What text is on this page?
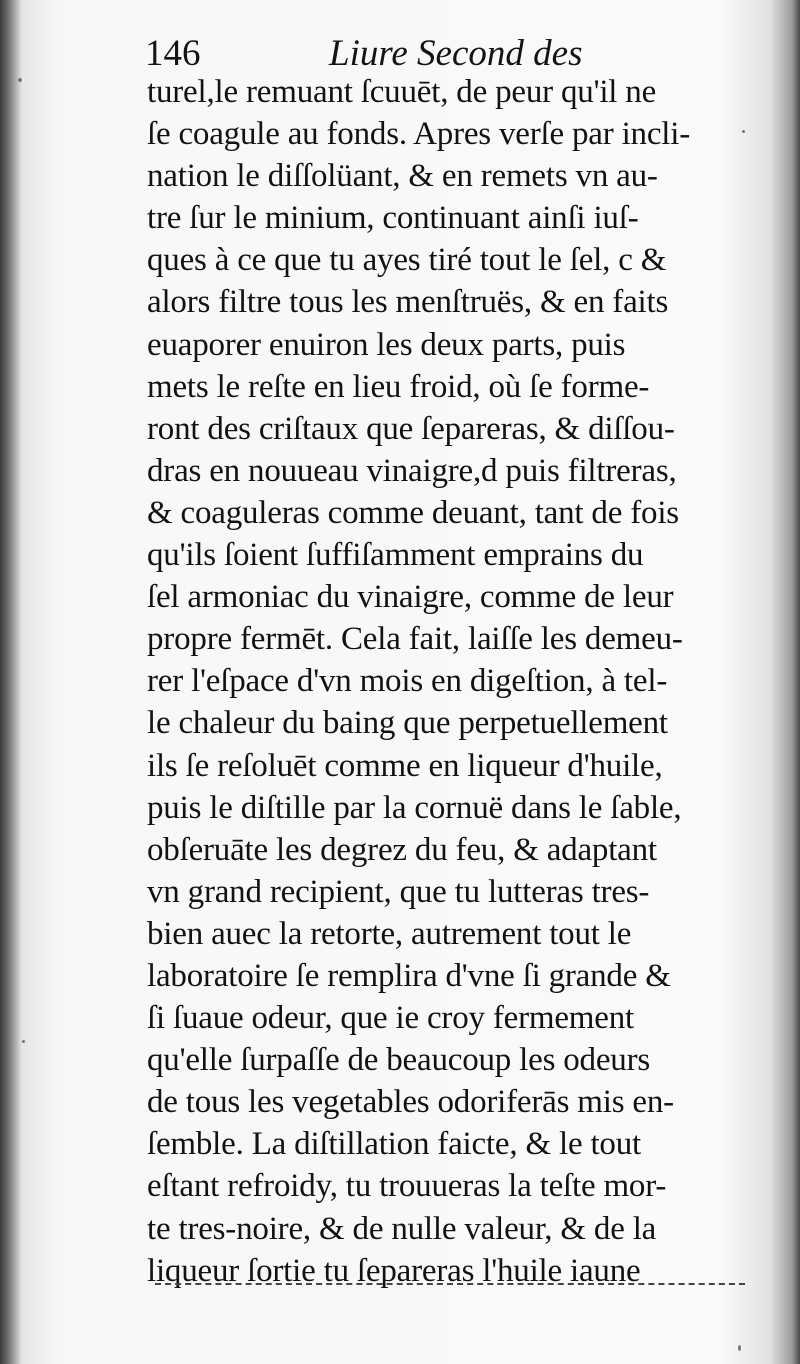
146	Liure Second des
turel,le remuant ſcuuēt, de peur qu'il ne
ſe coagule au fonds. Apres verſe par incli-
nation le diſſolüant, & en remets vn au-
tre ſur le minium, continuant ainſi iuſ-
ques à ce que tu ayes tiré tout le ſel, c &
alors filtre tous les menſtruës, & en faits
euaporer enuiron les deux parts, puis
mets le reſte en lieu froid, où ſe forme-
ront des criſtaux que ſepareras, & diſſou-
dras en nouueau vinaigre,d puis filtreras,
& coaguleras comme deuant, tant de fois
qu'ils ſoient ſuffiſamment emprains du
ſel armoniac du vinaigre, comme de leur
propre fermēt. Cela fait, laiſſe les demeu-
rer l'eſpace d'vn mois en digeſtion, à tel-
le chaleur du baing que perpetuellement
ils ſe reſoluēt comme en liqueur d'huile,
puis le diſtille par la cornuë dans le ſable,
obſeruāte les degrez du feu, & adaptant
vn grand recipient, que tu lutteras tres-
bien auec la retorte, autrement tout le
laboratoire ſe remplira d'vne ſi grande &
ſi ſuaue odeur, que ie croy fermement
qu'elle ſurpaſſe de beaucoup les odeurs
de tous les vegetables odoriferās mis en-
ſemble. La diſtillation faicte, & le tout
eſtant refroidy, tu trouueras la teſte mor-
te tres-noire, & de nulle valeur, & de la
liqueur ſortie tu ſepareras l'huile iaune
